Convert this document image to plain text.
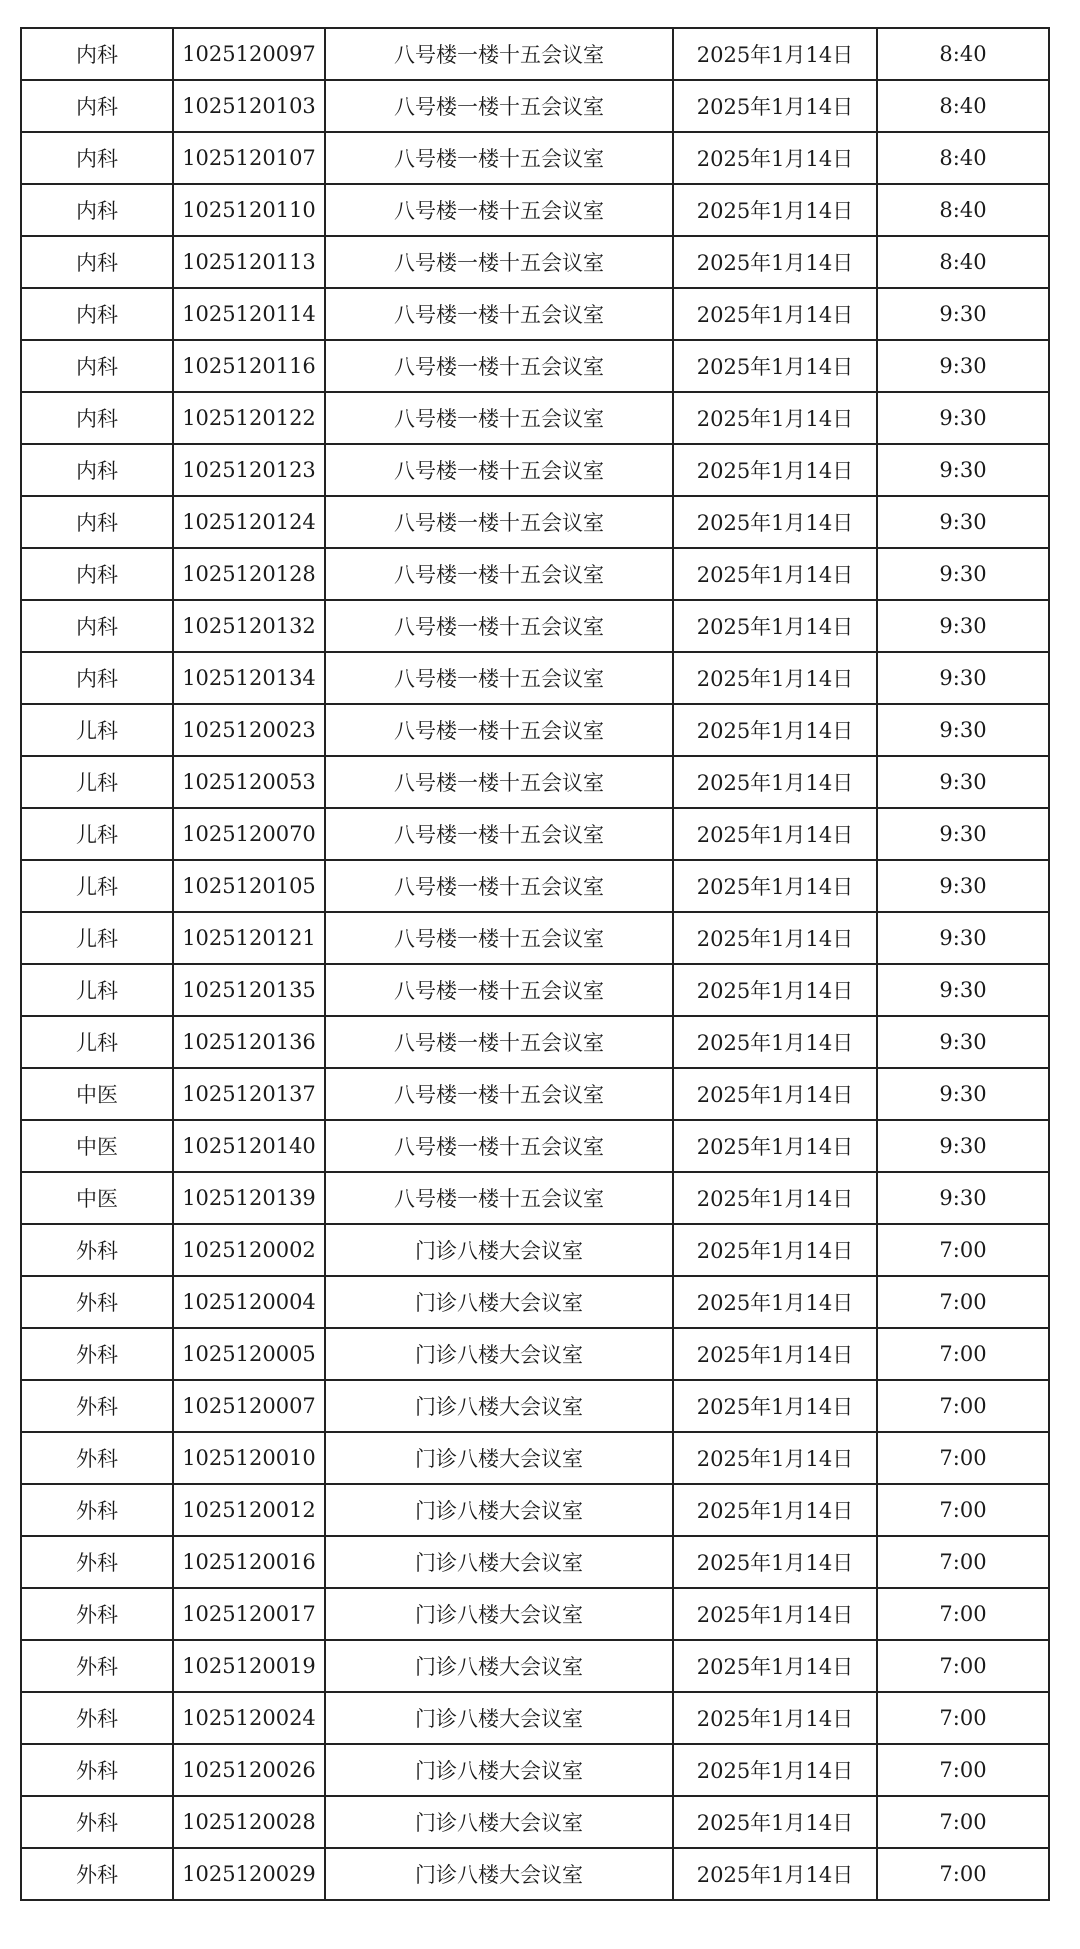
内科	1025120097	八号楼一楼十五会议室	2025年1月14日	8:40
内科	1025120103	八号楼一楼十五会议室	2025年1月14日	8:40
内科	1025120107	八号楼一楼十五会议室	2025年1月14日	8:40
内科	1025120110	八号楼一楼十五会议室	2025年1月14日	8:40
内科	1025120113	八号楼一楼十五会议室	2025年1月14日	8:40
内科	1025120114	八号楼一楼十五会议室	2025年1月14日	9:30
内科	1025120116	八号楼一楼十五会议室	2025年1月14日	9:30
内科	1025120122	八号楼一楼十五会议室	2025年1月14日	9:30
内科	1025120123	八号楼一楼十五会议室	2025年1月14日	9:30
内科	1025120124	八号楼一楼十五会议室	2025年1月14日	9:30
内科	1025120128	八号楼一楼十五会议室	2025年1月14日	9:30
内科	1025120132	八号楼一楼十五会议室	2025年1月14日	9:30
内科	1025120134	八号楼一楼十五会议室	2025年1月14日	9:30
儿科	1025120023	八号楼一楼十五会议室	2025年1月14日	9:30
儿科	1025120053	八号楼一楼十五会议室	2025年1月14日	9:30
儿科	1025120070	八号楼一楼十五会议室	2025年1月14日	9:30
儿科	1025120105	八号楼一楼十五会议室	2025年1月14日	9:30
儿科	1025120121	八号楼一楼十五会议室	2025年1月14日	9:30
儿科	1025120135	八号楼一楼十五会议室	2025年1月14日	9:30
儿科	1025120136	八号楼一楼十五会议室	2025年1月14日	9:30
中医	1025120137	八号楼一楼十五会议室	2025年1月14日	9:30
中医	1025120140	八号楼一楼十五会议室	2025年1月14日	9:30
中医	1025120139	八号楼一楼十五会议室	2025年1月14日	9:30
外科	1025120002	门诊八楼大会议室	2025年1月14日	7:00
外科	1025120004	门诊八楼大会议室	2025年1月14日	7:00
外科	1025120005	门诊八楼大会议室	2025年1月14日	7:00
外科	1025120007	门诊八楼大会议室	2025年1月14日	7:00
外科	1025120010	门诊八楼大会议室	2025年1月14日	7:00
外科	1025120012	门诊八楼大会议室	2025年1月14日	7:00
外科	1025120016	门诊八楼大会议室	2025年1月14日	7:00
外科	1025120017	门诊八楼大会议室	2025年1月14日	7:00
外科	1025120019	门诊八楼大会议室	2025年1月14日	7:00
外科	1025120024	门诊八楼大会议室	2025年1月14日	7:00
外科	1025120026	门诊八楼大会议室	2025年1月14日	7:00
外科	1025120028	门诊八楼大会议室	2025年1月14日	7:00
外科	1025120029	门诊八楼大会议室	2025年1月14日	7:00
